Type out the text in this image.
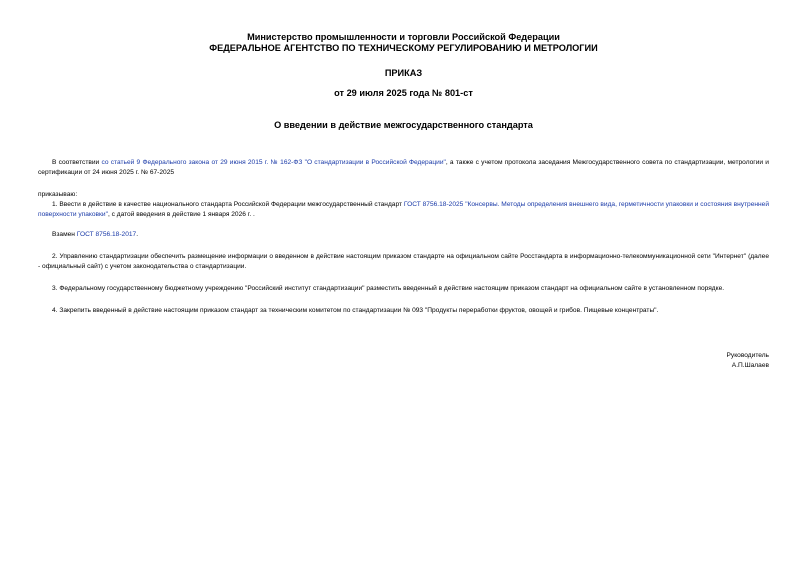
Министерство промышленности и торговли Российской Федерации
ФЕДЕРАЛЬНОЕ АГЕНТСТВО ПО ТЕХНИЧЕСКОМУ РЕГУЛИРОВАНИЮ И МЕТРОЛОГИИ
ПРИКАЗ
от 29 июля 2025 года № 801-ст
О введении в действие межгосударственного стандарта
В соответствии со статьей 9 Федерального закона от 29 июня 2015 г. № 162-ФЗ "О стандартизации в Российской Федерации", а также с учетом протокола заседания Межгосударственного совета по стандартизации, метрологии и сертификации от 24 июня 2025 г. № 67-2025
приказываю:
1. Ввести в действие в качестве национального стандарта Российской Федерации межгосударственный стандарт ГОСТ 8756.18-2025 "Консервы. Методы определения внешнего вида, герметичности упаковки и состояния внутренней поверхности упаковки", с датой введения в действие 1 января 2026 г. .
Взамен ГОСТ 8756.18-2017.
2. Управлению стандартизации обеспечить размещение информации о введенном в действие настоящим приказом стандарте на официальном сайте Росстандарта в информационно-телекоммуникационной сети "Интернет" (далее - официальный сайт) с учетом законодательства о стандартизации.
3. Федеральному государственному бюджетному учреждению "Российский институт стандартизации" разместить введенный в действие настоящим приказом стандарт на официальном сайте в установленном порядке.
4. Закрепить введенный в действие настоящим приказом стандарт за техническим комитетом по стандартизации № 093 "Продукты переработки фруктов, овощей и грибов. Пищевые концентраты".
Руководитель
А.П.Шалаев
